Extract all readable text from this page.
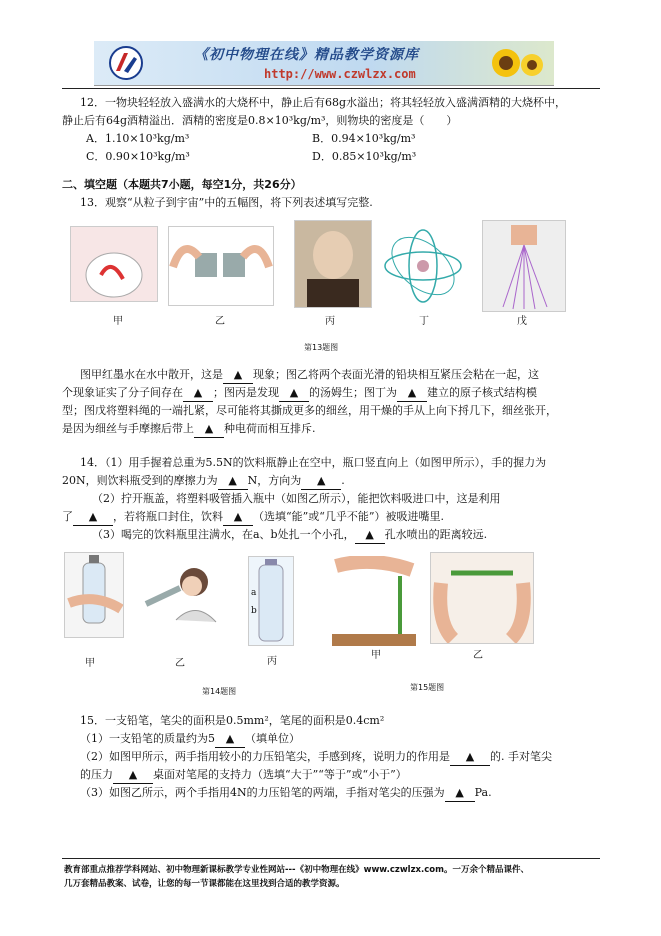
《初中物理在线》精品教学资源库
http://www.czwlzx.com
12．一物块轻轻放入盛满水的大烧杯中，静止后有68g水溢出；将其轻轻放入盛满酒精的大烧杯中，
静止后有64g酒精溢出．酒精的密度是0.8×10³kg/m³，则物块的密度是（　　）
A．1.10×10³kg/m³	B．0.94×10³kg/m³
C．0.90×10³kg/m³	D．0.85×10³kg/m³
二、填空题（本题共7小题，每空1分，共26分）
13．观察“从粒子到宇宙”中的五幅图，将下列表述填写完整.
甲	乙	丙	丁	戊
第13题图
图甲红墨水在水中散开，这是 ▲ 现象；图乙将两个表面光滑的铅块相互紧压会粘在一起，这
个现象证实了分子间存在 ▲ ；图丙是发现 ▲ 的汤姆生；图丁为 ▲ 建立的原子核式结构模
型；图戊将塑料绳的一端扎紧，尽可能将其撕成更多的细丝，用干燥的手从上向下捋几下，细丝张开，
是因为细丝与手摩擦后带上 ▲ 种电荷而相互排斥.
14．（1）用手握着总重为5.5N的饮料瓶静止在空中，瓶口竖直向上（如图甲所示），手的握力为
20N，则饮料瓶受到的摩擦力为 ▲ N，方向为 ▲ .
（2）拧开瓶盖，将塑料吸管插入瓶中（如图乙所示），能把饮料吸进口中，这是利用
了 ▲ ，若将瓶口封住，饮料 ▲ （选填“能”或“几乎不能”）被吸进嘴里.
（3）喝完的饮料瓶里注满水，在a、b处扎一个小孔， ▲ 孔水喷出的距离较远.
a
b
甲	乙	丙
甲	乙
第14题图	第15题图
15．一支铅笔，笔尖的面积是0.5mm²，笔尾的面积是0.4cm²
（1）一支铅笔的质量约为5 ▲ （填单位）
（2）如图甲所示，两手指用较小的力压铅笔尖，手感到疼，说明力的作用是 ▲ 的. 手对笔尖
的压力 ▲ 桌面对笔尾的支持力（选填“大于”“等于”或“小于”）
（3）如图乙所示，两个手指用4N的力压铅笔的两端，手指对笔尖的压强为 ▲ Pa.
教育部重点推荐学科网站、初中物理新课标教学专业性网站---《初中物理在线》www.czwlzx.com。一万余个精品课件、
几万套精品教案、试卷，让您的每一节课都能在这里找到合适的教学资源。
